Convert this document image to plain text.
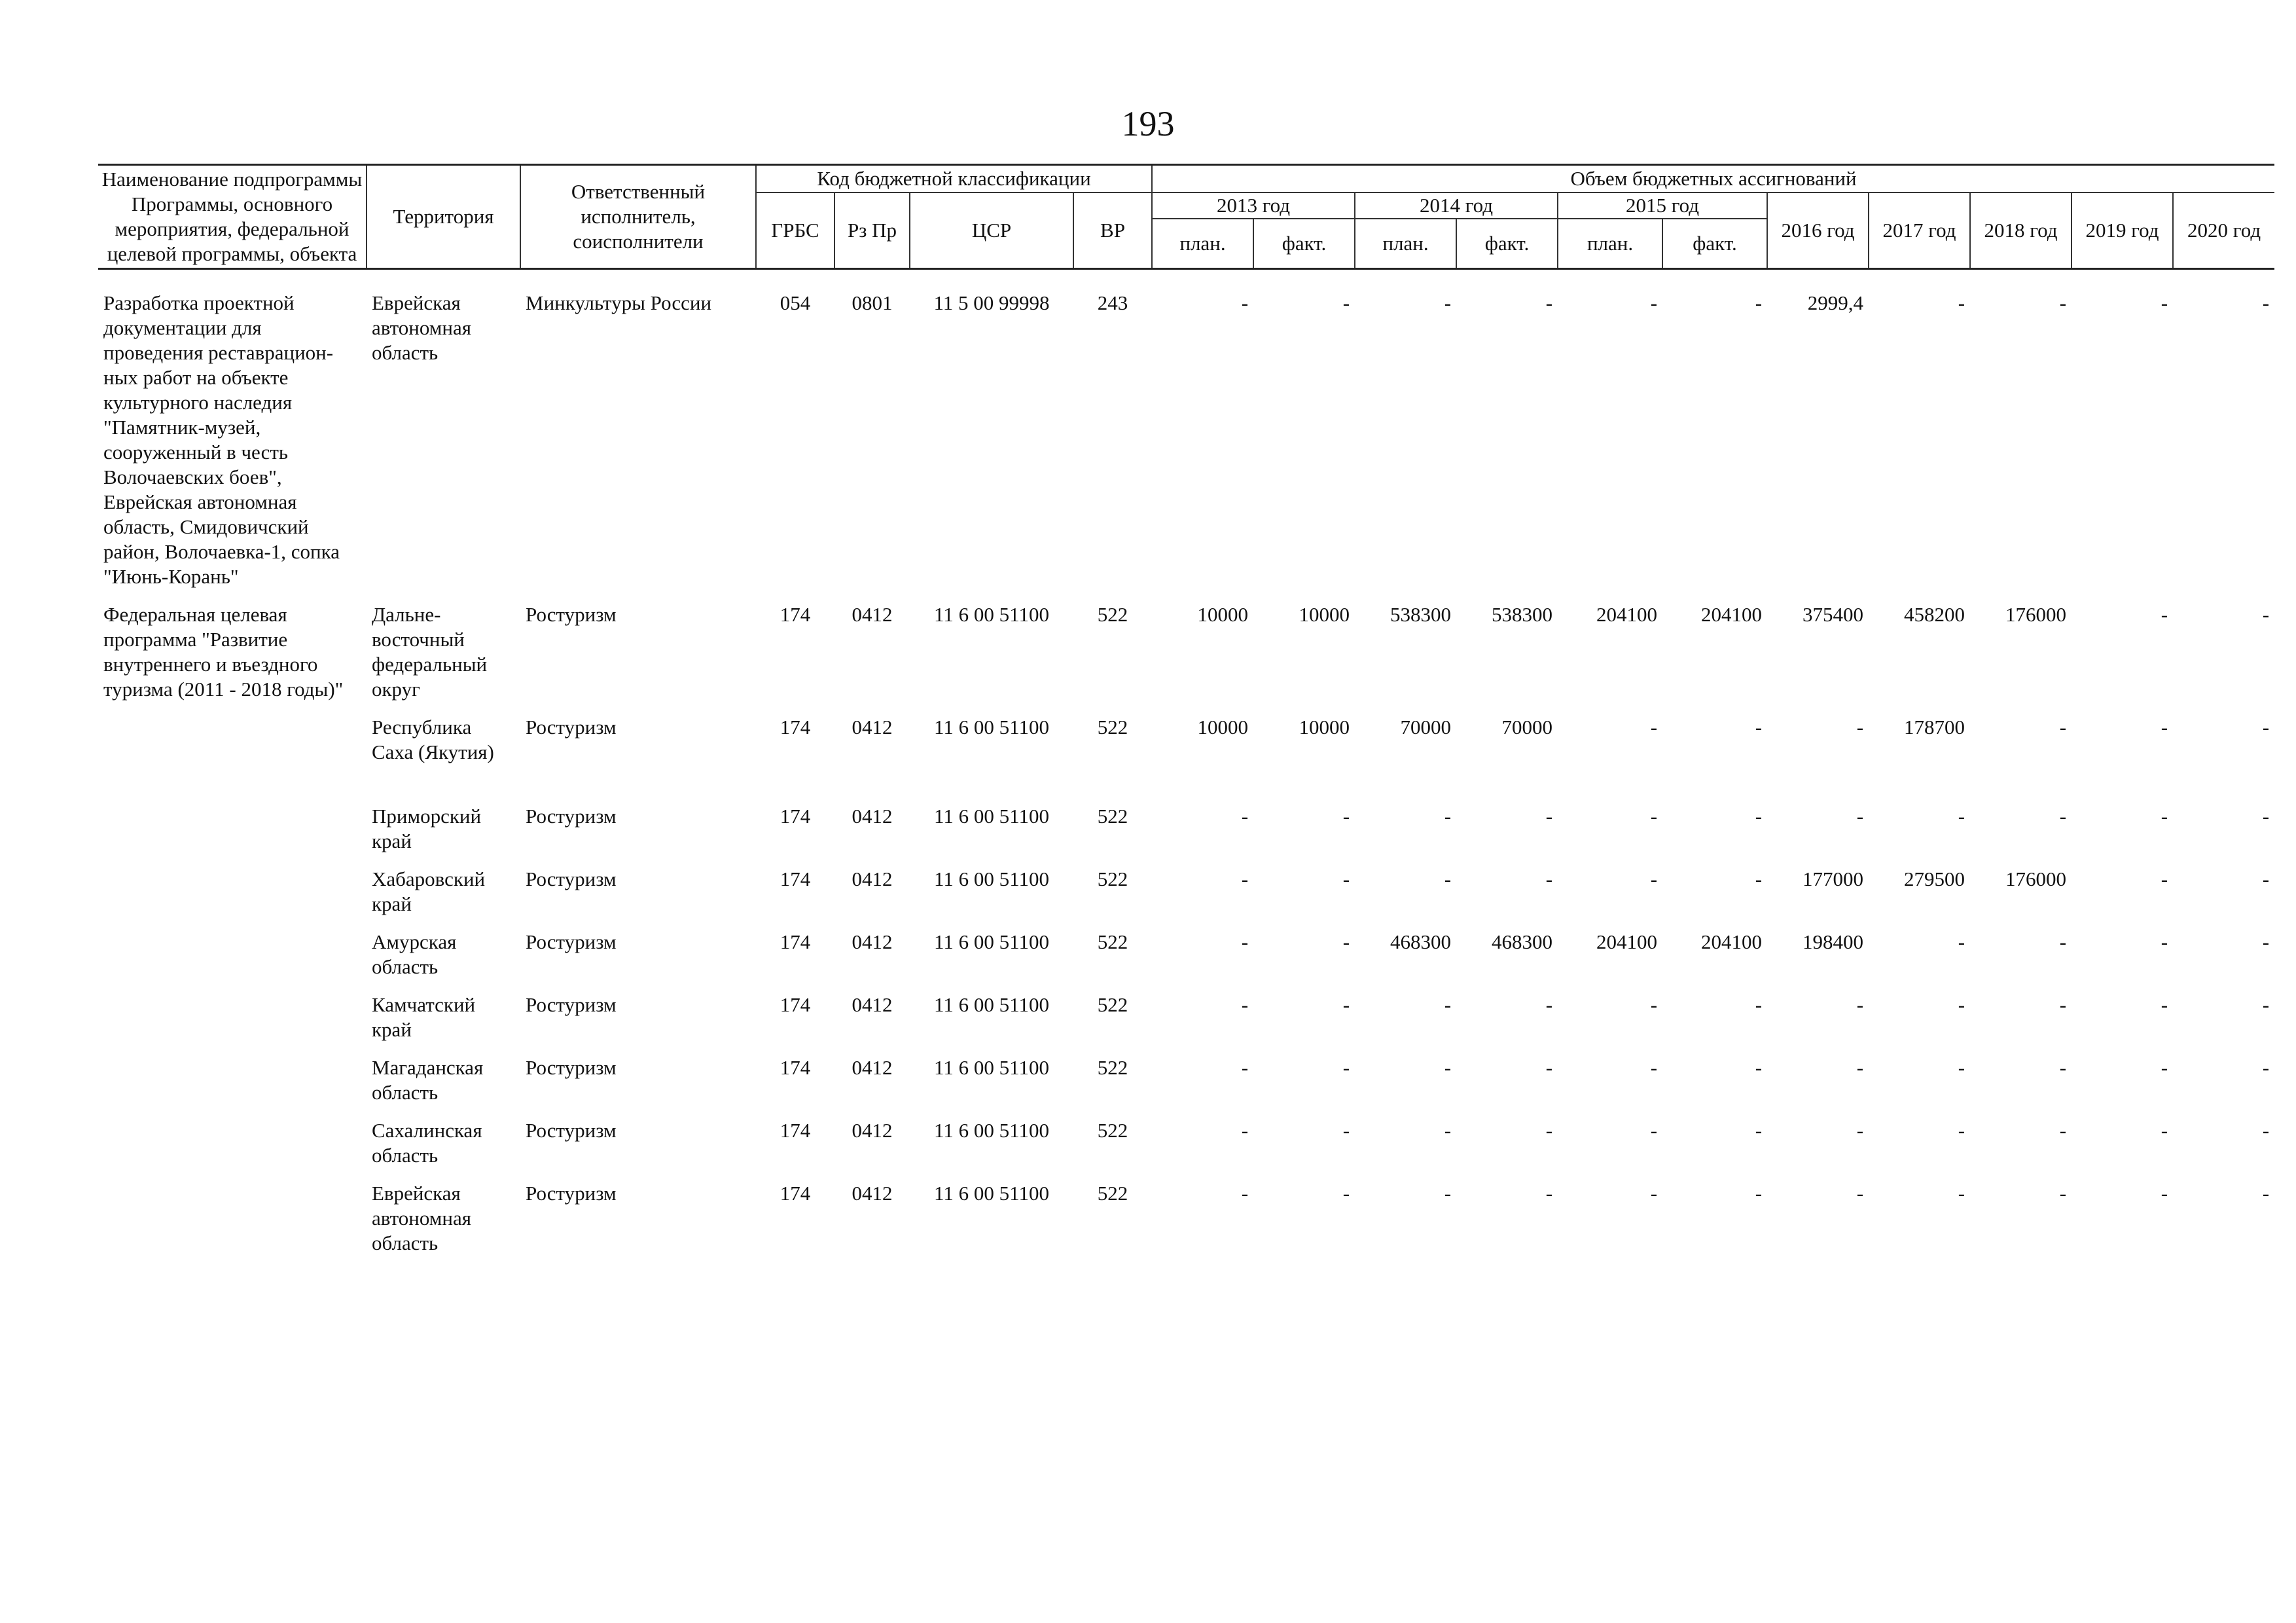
193
Наименование подпрограммы Программы, основного мероприятия, федеральной целевой программы, объекта	Территория	Ответственный исполнитель, соисполнители	Код бюджетной классификации				Объем бюджетных ассигнований										
			ГРБС	Рз Пр	ЦСР	ВР	2013 год		2014 год		2015 год		2016 год	2017 год	2018 год	2019 год	2020 год
							план.	факт.	план.	факт.	план.	факт.					

Разработка проектной документации для проведения реставрацион-ных работ на объекте культурного наследия "Памятник-музей, сооруженный в честь Волочаевских боев", Еврейская автономная область, Смидовичский район, Волочаевка-1, сопка "Июнь-Корань"	Еврейская автономная область	Минкультуры России	054	0801	11 5 00 99998	243	-	-	-	-	-	-	2999,4	-	-	-	-
Федеральная целевая программа "Развитие внутреннего и въездного туризма (2011 - 2018 годы)"	Дальне-восточный федеральный округ	Ростуризм	174	0412	11 6 00 51100	522	10000	10000	538300	538300	204100	204100	375400	458200	176000	-	-
	Республика Саха (Якутия)	Ростуризм	174	0412	11 6 00 51100	522	10000	10000	70000	70000	-	-	-	178700	-	-	-
	Приморский край	Ростуризм	174	0412	11 6 00 51100	522	-	-	-	-	-	-	-	-	-	-	-
	Хабаровский край	Ростуризм	174	0412	11 6 00 51100	522	-	-	-	-	-	-	177000	279500	176000	-	-
	Амурская область	Ростуризм	174	0412	11 6 00 51100	522	-	-	468300	468300	204100	204100	198400	-	-	-	-
	Камчатский край	Ростуризм	174	0412	11 6 00 51100	522	-	-	-	-	-	-	-	-	-	-	-
	Магаданская область	Ростуризм	174	0412	11 6 00 51100	522	-	-	-	-	-	-	-	-	-	-	-
	Сахалинская область	Ростуризм	174	0412	11 6 00 51100	522	-	-	-	-	-	-	-	-	-	-	-
	Еврейская автономная область	Ростуризм	174	0412	11 6 00 51100	522	-	-	-	-	-	-	-	-	-	-	-
